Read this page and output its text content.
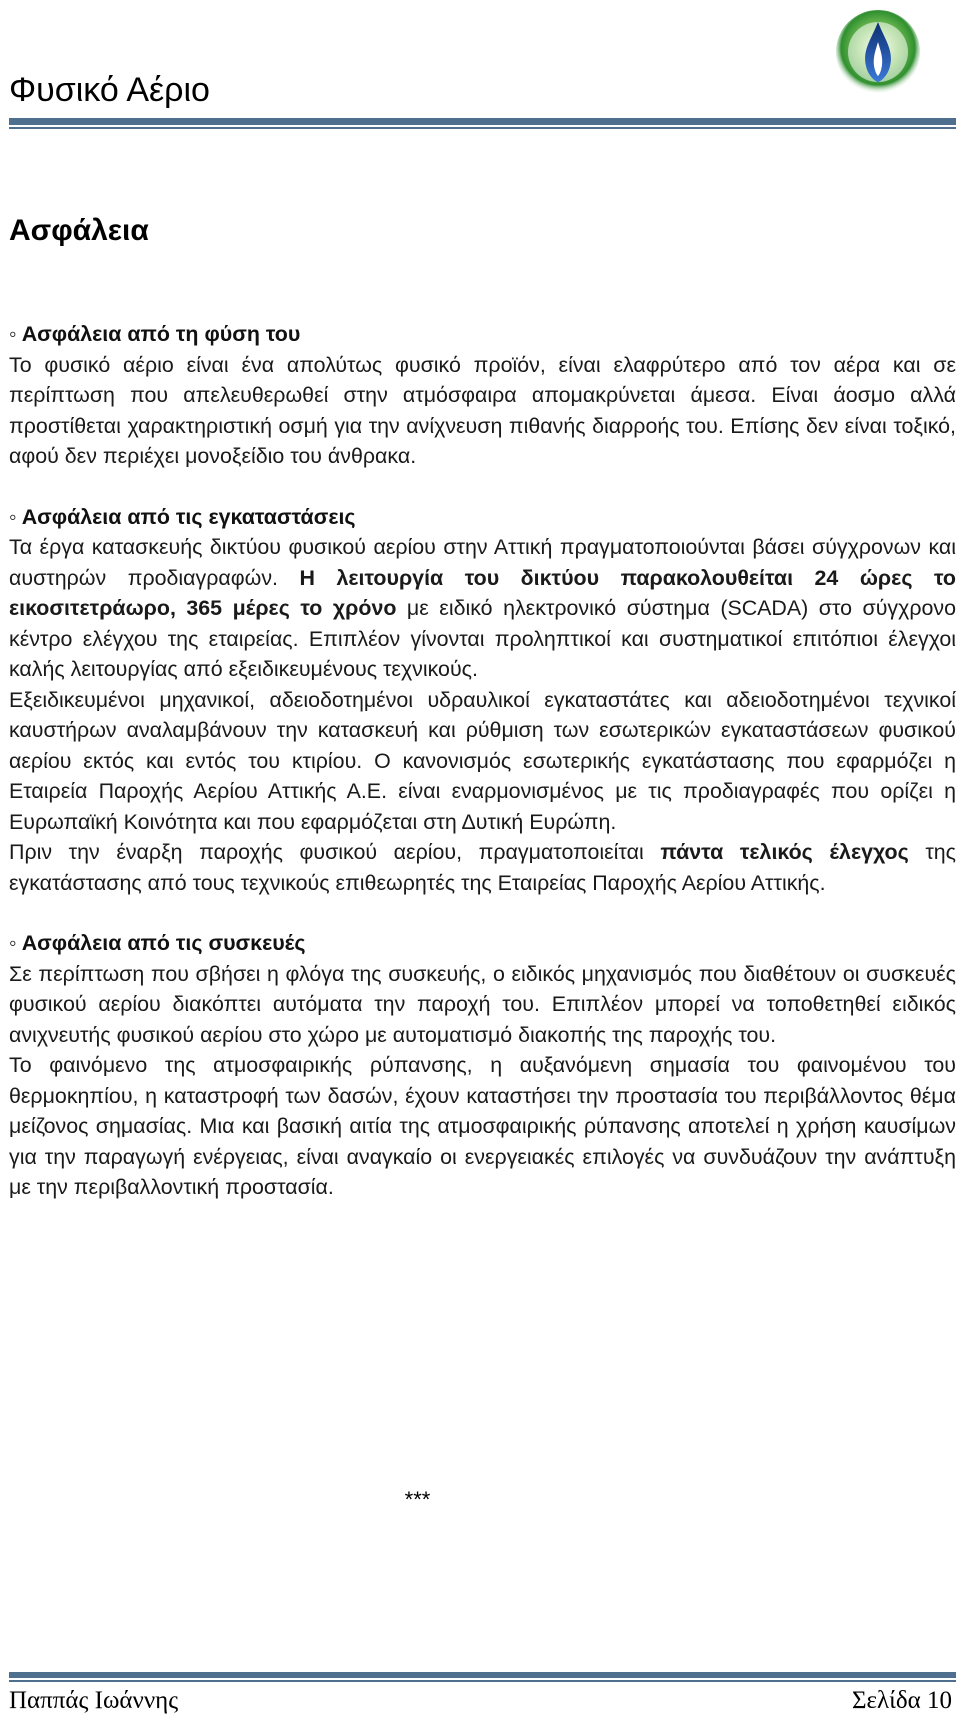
Φυσικό Αέριο
Ασφάλεια

◦ Ασφάλεια από τη φύση του

Το φυσικό αέριο είναι ένα απολύτως φυσικό προϊόν, είναι ελαφρύτερο από τον αέρα και σε περίπτωση που απελευθερωθεί στην ατμόσφαιρα απομακρύνεται άμεσα. Είναι άοσμο αλλά προστίθεται χαρακτηριστική οσμή για την ανίχνευση πιθανής διαρροής του. Επίσης δεν είναι τοξικό, αφού δεν περιέχει μονοξείδιο του άνθρακα.

◦ Ασφάλεια από τις εγκαταστάσεις

Τα έργα κατασκευής δικτύου φυσικού αερίου στην Αττική πραγματοποιούνται βάσει σύγχρονων και αυστηρών προδιαγραφών. Η λειτουργία του δικτύου παρακολουθείται 24 ώρες το εικοσιτετράωρο, 365 μέρες το χρόνο με ειδικό ηλεκτρονικό σύστημα (SCADA) στο σύγχρονο κέντρο ελέγχου της εταιρείας. Επιπλέον γίνονται προληπτικοί και συστηματικοί επιτόπιοι έλεγχοι καλής λειτουργίας από εξειδικευμένους τεχνικούς.

Εξειδικευμένοι μηχανικοί, αδειοδοτημένοι υδραυλικοί εγκαταστάτες και αδειοδοτημένοι τεχνικοί καυστήρων αναλαμβάνουν την κατασκευή και ρύθμιση των εσωτερικών εγκαταστάσεων φυσικού αερίου εκτός και εντός του κτιρίου. Ο κανονισμός εσωτερικής εγκατάστασης που εφαρμόζει η Εταιρεία Παροχής Αερίου Αττικής Α.Ε. είναι εναρμονισμένος με τις προδιαγραφές που ορίζει η Ευρωπαϊκή Κοινότητα και που εφαρμόζεται στη Δυτική Ευρώπη.

Πριν την έναρξη παροχής φυσικού αερίου, πραγματοποιείται πάντα τελικός έλεγχος της εγκατάστασης από τους τεχνικούς επιθεωρητές της Εταιρείας Παροχής Αερίου Αττικής.

◦ Ασφάλεια από τις συσκευές

Σε περίπτωση που σβήσει η φλόγα της συσκευής, ο ειδικός μηχανισμός που διαθέτουν οι συσκευές φυσικού αερίου διακόπτει αυτόματα την παροχή του. Επιπλέον μπορεί να τοποθετηθεί ειδικός ανιχνευτής φυσικού αερίου στο χώρο με αυτοματισμό διακοπής της παροχής του.

Το φαινόμενο της ατμοσφαιρικής ρύπανσης, η αυξανόμενη σημασία του φαινομένου του θερμοκηπίου, η καταστροφή των δασών, έχουν καταστήσει την προστασία του περιβάλλοντος θέμα μείζονος σημασίας. Μια και βασική αιτία της ατμοσφαιρικής ρύπανσης αποτελεί η χρήση καυσίμων για την παραγωγή ενέργειας, είναι αναγκαίο οι ενεργειακές επιλογές να συνδυάζουν την ανάπτυξη με την περιβαλλοντική προστασία.

***
Παππάς Ιωάννης	Σελίδα 10
